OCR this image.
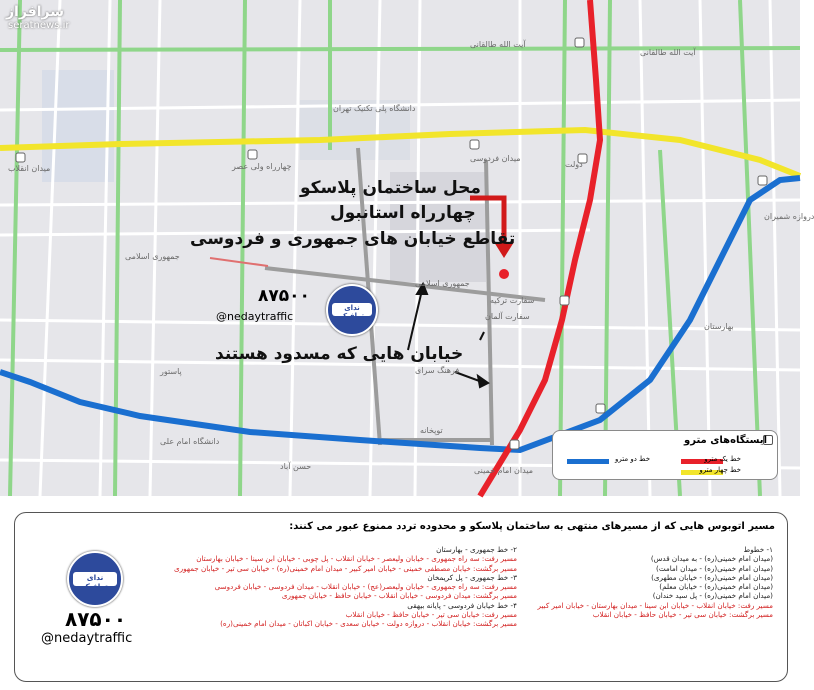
سرافراز
seratnews.ir
دانشگاه پلی تکنیک تهران
میدان فردوسی
دولت
میدان انقلاب	چهارراه ولی عصر
جمهوری اسلامی
جمهوری اسلامی
سفارت ترکیه
سفارت آلمان
فرهنگ سرای
دانشگاه امام علی
بهارستان
حسن آباد	میدان امام خمینی
توپخانه
دروازه شمیران
پاستور
آیت الله طالقانی
آیت الله طالقانی
محل ساختمان پلاسکو
چهارراه استانبول
تقاطع خیابان های جمهوری و فردوسی
خیابان هایی که مسدود هستند
ندای ترافیک
۸۷۵۰۰
@nedaytraffic
ایستگاه‌های مترو
خط یک مترو
خط دو مترو
خط چهار مترو
مسیر اتوبوس هایی که از مسیرهای منتهی به ساختمان پلاسکو و محدوده تردد ممنوع عبور می کنند:
۱- خطوط
(میدان امام خمینی(ره) - به میدان قدس)
(میدان امام خمینی(ره) - میدان امامت)
(میدان امام خمینی(ره) - خیابان مطهری)
(میدان امام خمینی(ره) - خیابان معلم)
(میدان امام خمینی(ره) - پل سید خندان)
مسیر رفت: خیابان انقلاب - خیابان ابن سینا - میدان بهارستان - خیابان امیر کبیر
مسیر برگشت: خیابان سی تیر - خیابان حافظ - خیابان انقلاب
۲- خط جمهوری - بهارستان
مسیر رفت: سه راه جمهوری - خیابان ولیعصر - خیابان انقلاب - پل چوبی - خیابان ابن سینا - خیابان بهارستان
مسیر برگشت: خیابان مصطفی خمینی - خیابان امیر کبیر - میدان امام خمینی(ره) - خیابان سی تیر - خیابان جمهوری
۳- خط جمهوری - پل کریمخان
مسیر رفت: سه راه جمهوری - خیابان ولیعصر(عج) - خیابان انقلاب - میدان فردوسی - خیابان فردوسی
مسیر برگشت: میدان فردوسی - خیابان انقلاب - خیابان حافظ - خیابان جمهوری
۴- خط خیابان فردوسی - پایانه بیهقی
مسیر رفت: خیابان سی تیر - خیابان حافظ - خیابان انقلاب
مسیر برگشت: خیابان انقلاب - دروازه دولت - خیابان سعدی - خیابان اکباتان - میدان امام خمینی(ره)
ندای ترافیک
۸۷۵۰۰
@nedaytraffic
